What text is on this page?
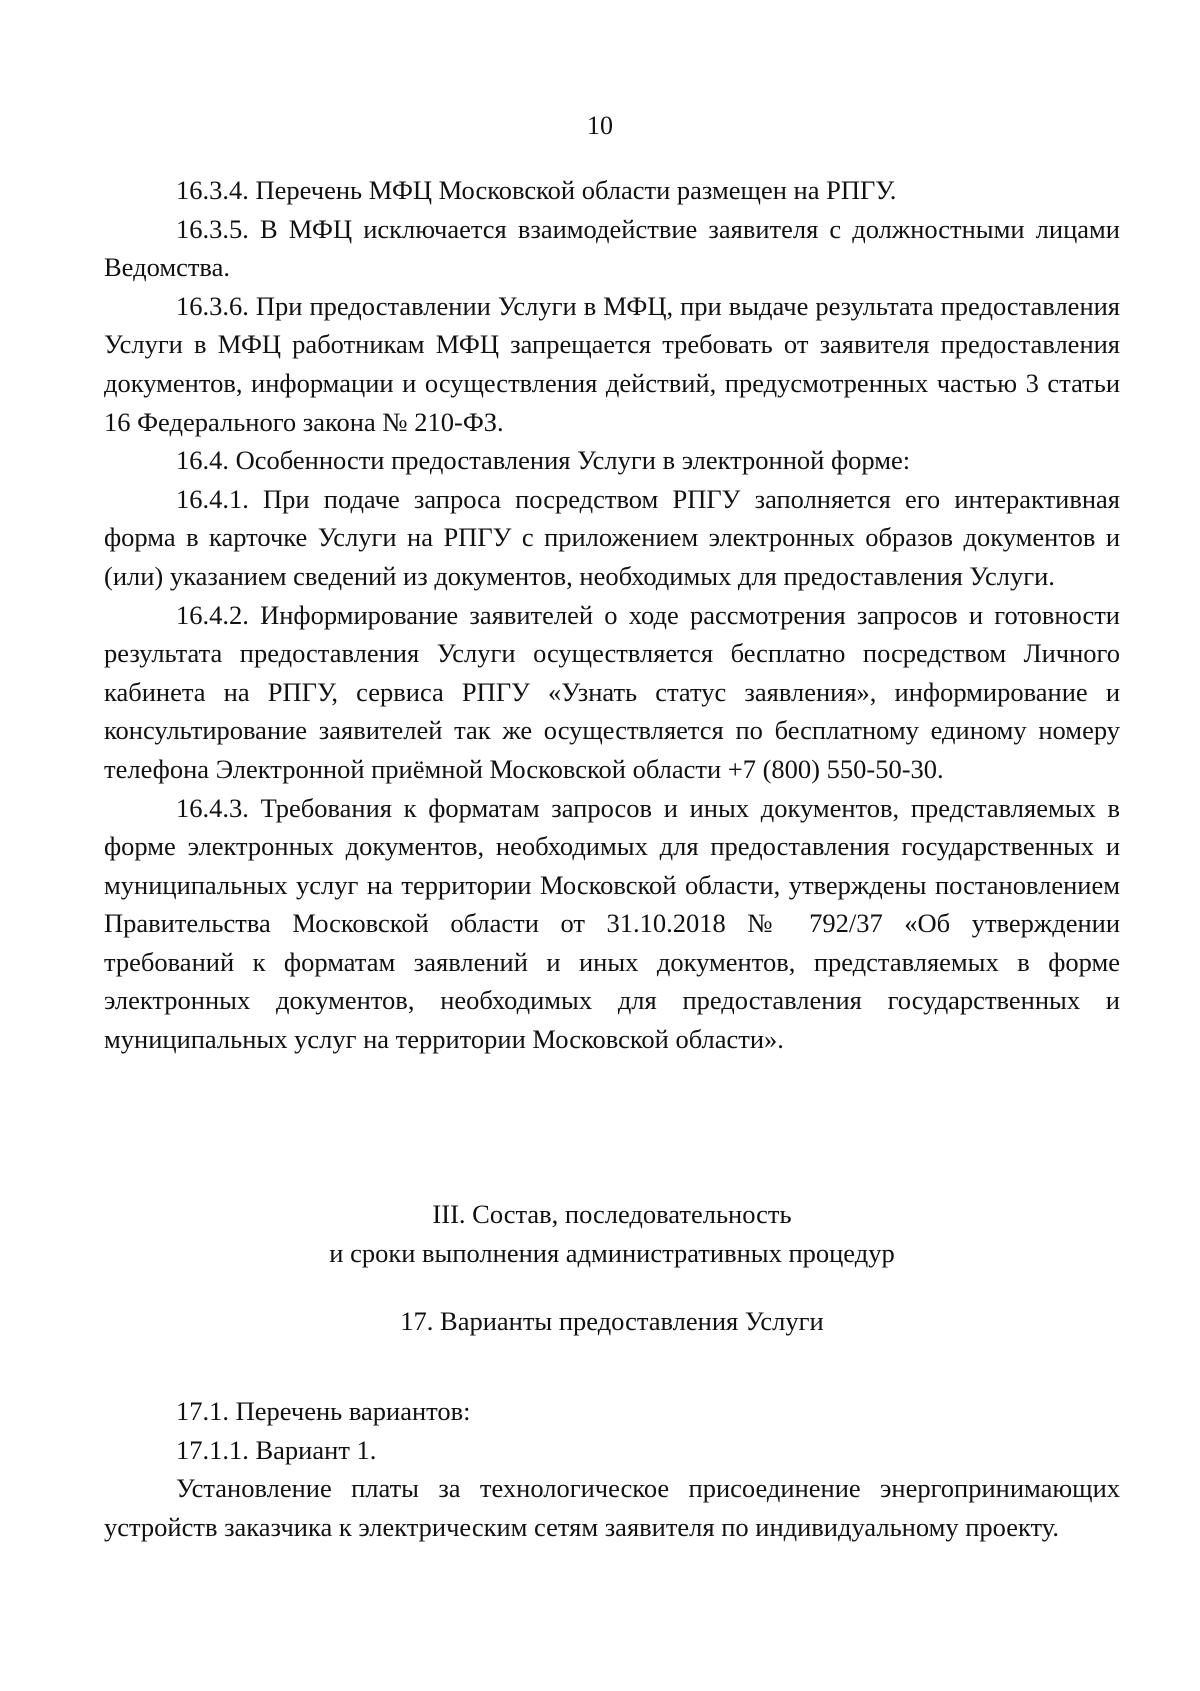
10

16.3.4. Перечень МФЦ Московской области размещен на РПГУ.

16.3.5. В МФЦ исключается взаимодействие заявителя с должностными лицами Ведомства.

16.3.6. При предоставлении Услуги в МФЦ, при выдаче результата предоставления Услуги в МФЦ работникам МФЦ запрещается требовать от заявителя предоставления документов, информации и осуществления действий, предусмотренных частью 3 статьи 16 Федерального закона № 210-ФЗ.

16.4. Особенности предоставления Услуги в электронной форме:

16.4.1. При подаче запроса посредством РПГУ заполняется его интерактивная форма в карточке Услуги на РПГУ с приложением электронных образов документов и (или) указанием сведений из документов, необходимых для предоставления Услуги.

16.4.2. Информирование заявителей о ходе рассмотрения запросов и готовности результата предоставления Услуги осуществляется бесплатно посредством Личного кабинета на РПГУ, сервиса РПГУ «Узнать статус заявления», информирование и консультирование заявителей так же осуществляется по бесплатному единому номеру телефона Электронной приёмной Московской области +7 (800) 550-50-30.

16.4.3. Требования к форматам запросов и иных документов, представляемых в форме электронных документов, необходимых для предоставления государственных и муниципальных услуг на территории Московской области, утверждены постановлением Правительства Московской области от 31.10.2018 № 792/37 «Об утверждении требований к форматам заявлений и иных документов, представляемых в форме электронных документов, необходимых для предоставления государственных и муниципальных услуг на территории Московской области».

III. Состав, последовательность

и сроки выполнения административных процедур

17. Варианты предоставления Услуги

17.1. Перечень вариантов:

17.1.1. Вариант 1.

Установление платы за технологическое присоединение энергопринимающих устройств заказчика к электрическим сетям заявителя по индивидуальному проекту.
